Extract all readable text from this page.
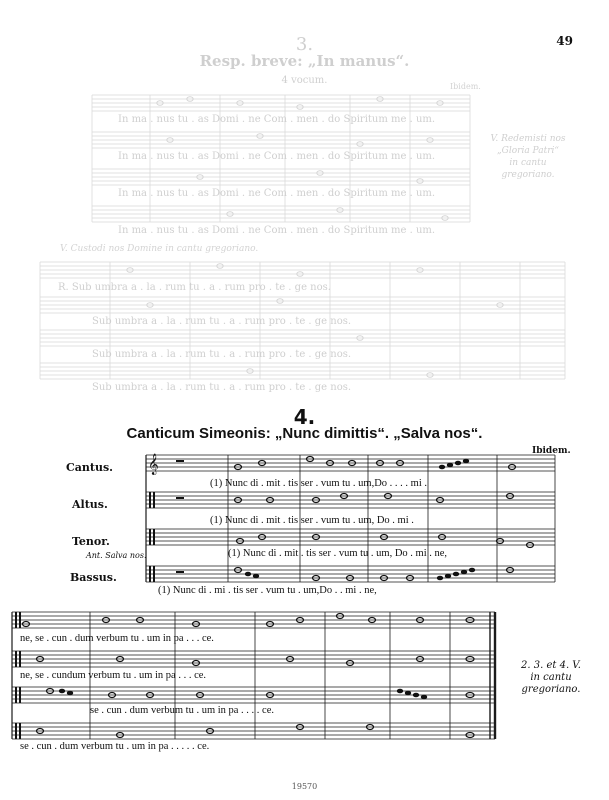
49
3.
Resp. breve: „In manus“.
4 vocum.
Ibidem.
In ma . nus tu . as Domi . ne Com . men . do Spiritum me . um.
In ma . nus tu . as Domi . ne Com . men . do Spiritum me . um.
In ma . nus tu . as Domi . ne Com . men . do Spiritum me . um.
In ma . nus tu . as Domi . ne Com . men . do Spiritum me . um.
V. Redemisti nos
„Gloria Patri“
in cantu
gregoriano.
V. Custodi nos Domine in cantu gregoriano.
R. Sub umbra a . la . rum tu . a . rum pro . te . ge nos.
Sub umbra a . la . rum tu . a . rum pro . te . ge nos.
Sub umbra a . la . rum tu . a . rum pro . te . ge nos.
Sub umbra a . la . rum tu . a . rum pro . te . ge nos.
4.
Canticum Simeonis: „Nunc dimittis“. „Salva nos“.
Ibidem.
Cantus.
Altus.
Tenor.
Ant. Salva nos.
Bassus.
𝄞
(1) Nunc di . mit . tis ser . vum tu . um,Do . . . . mi .
(1) Nunc di . mit . tis ser . vum tu . um, Do . mi .
(1) Nunc di . mit . tis ser . vum tu . um, Do . mi . ne,
(1) Nunc di . mi . tis ser . vum tu . um,Do . . mi . ne,
ne, se . cun . dum verbum tu . um in pa . . . ce.
ne, se . cundum verbum tu . um in pa . . . ce.
se . cun . dum verbum tu . um in pa . . . . ce.
se . cun . dum verbum tu . um in pa . . . . . ce.
2. 3. et 4. V.
in cantu
gregoriano.
19570
